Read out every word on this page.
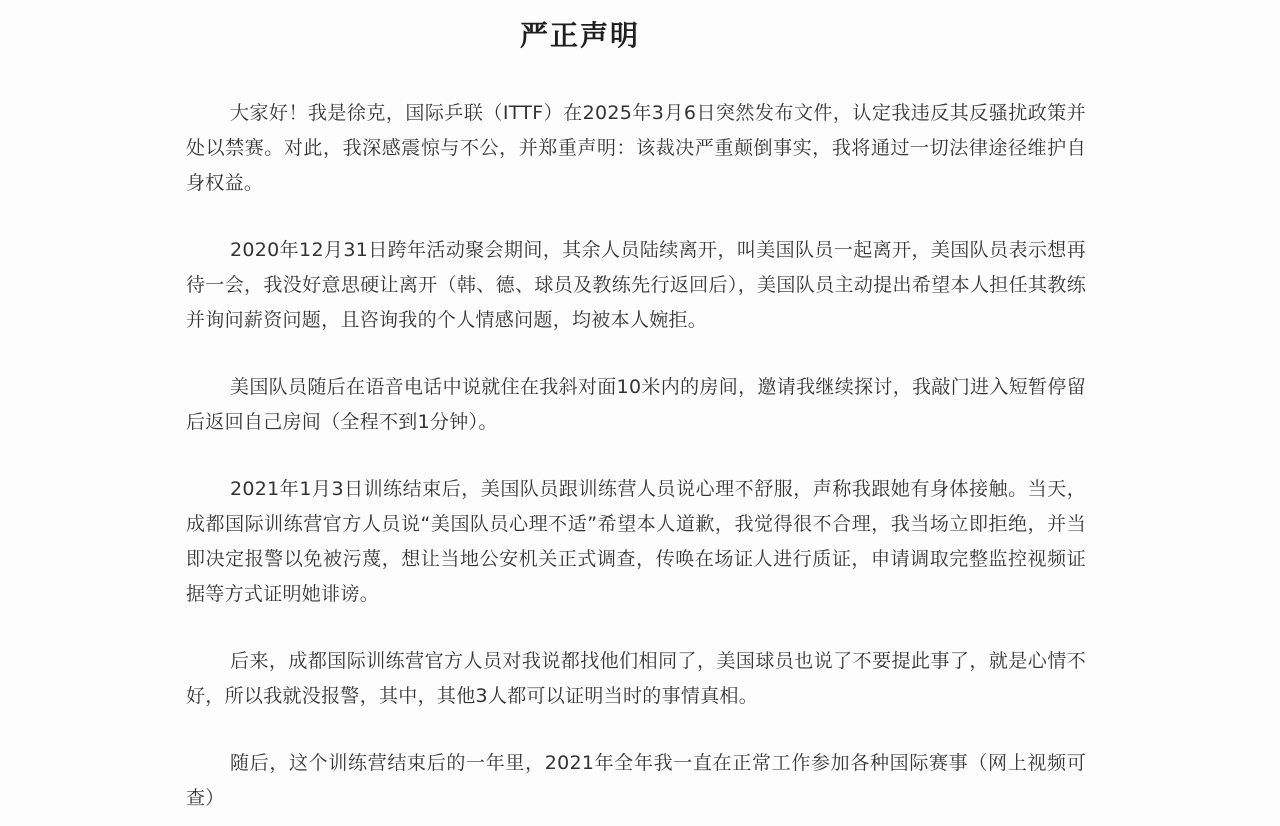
严正声明

大家好！我是徐克，国际乒联（ITTF）在2025年3月6日突然发布文件，认定我违反其反骚扰政策并处以禁赛。对此，我深感震惊与不公，并郑重声明：该裁决严重颠倒事实，我将通过一切法律途径维护自身权益。

2020年12月31日跨年活动聚会期间，其余人员陆续离开，叫美国队员一起离开，美国队员表示想再待一会，我没好意思硬让离开（韩、德、球员及教练先行返回后），美国队员主动提出希望本人担任其教练并询问薪资问题，且咨询我的个人情感问题，均被本人婉拒。

美国队员随后在语音电话中说就住在我斜对面10米内的房间，邀请我继续探讨，我敲门进入短暂停留后返回自己房间（全程不到1分钟）。

2021年1月3日训练结束后，美国队员跟训练营人员说心理不舒服，声称我跟她有身体接触。当天，成都国际训练营官方人员说“美国队员心理不适”希望本人道歉，我觉得很不合理，我当场立即拒绝，并当即决定报警以免被污蔑，想让当地公安机关正式调查，传唤在场证人进行质证，申请调取完整监控视频证据等方式证明她诽谤。

后来，成都国际训练营官方人员对我说都找他们相同了，美国球员也说了不要提此事了，就是心情不好，所以我就没报警，其中，其他3人都可以证明当时的事情真相。

随后，这个训练营结束后的一年里，2021年全年我一直在正常工作参加各种国际赛事（网上视频可查）
